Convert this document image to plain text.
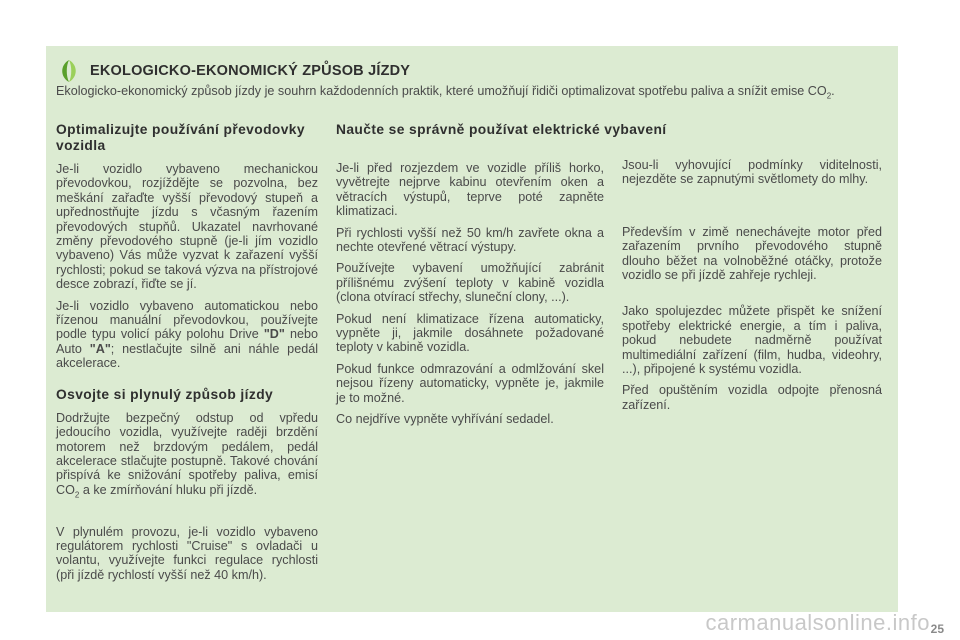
EKOLOGICKO-EKONOMICKÝ ZPŮSOB JÍZDY
Ekologicko-ekonomický způsob jízdy je souhrn každodenních praktik, které umožňují řidiči optimalizovat spotřebu paliva a snížit emise $CO_2$.
Optimalizujte používání převodovky vozidla

Je-li vozidlo vybaveno mechanickou převodovkou, rozjíždějte se pozvolna, bez meškání zařaďte vyšší převodový stupeň a upřednostňujte jízdu s včasným řazením převodových stupňů. Ukazatel navrhované změny převodového stupně (je-li jím vozidlo vybaveno) Vás může vyzvat k zařazení vyšší rychlosti; pokud se taková výzva na přístrojové desce zobrazí, řiďte se jí.

Je-li vozidlo vybaveno automatickou nebo řízenou manuální převodovkou, používejte podle typu volicí páky polohu Drive "D" nebo Auto "A"; nestlačujte silně ani náhle pedál akcelerace.

Osvojte si plynulý způsob jízdy

Dodržujte bezpečný odstup od vpředu jedoucího vozidla, využívejte raději brzdění motorem než brzdovým pedálem, pedál akcelerace stlačujte postupně. Takové chování přispívá ke snižování spotřeby paliva, emisí $CO_2$ a ke zmírňování hluku při jízdě.

V plynulém provozu, je-li vozidlo vybaveno regulátorem rychlosti "Cruise" s ovladači u volantu, využívejte funkci regulace rychlosti (při jízdě rychlostí vyšší než 40 km/h).

Naučte se správně používat elektrické vybavení

Je-li před rozjezdem ve vozidle příliš horko, vyvětrejte nejprve kabinu otevřením oken a větracích výstupů, teprve poté zapněte klimatizaci.

Při rychlosti vyšší než 50 km/h zavřete okna a nechte otevřené větrací výstupy.

Používejte vybavení umožňující zabránit přílišnému zvýšení teploty v kabině vozidla (clona otvírací střechy, sluneční clony, ...).

Pokud není klimatizace řízena automaticky, vypněte ji, jakmile dosáhnete požadované teploty v kabině vozidla.

Pokud funkce odmrazování a odmlžování skel nejsou řízeny automaticky, vypněte je, jakmile je to možné.

Co nejdříve vypněte vyhřívání sedadel.

Jsou-li vyhovující podmínky viditelnosti, nejezděte se zapnutými světlomety do mlhy.

Především v zimě nenechávejte motor před zařazením prvního převodového stupně dlouho běžet na volnoběžné otáčky, protože vozidlo se při jízdě zahřeje rychleji.

Jako spolujezdec můžete přispět ke snížení spotřeby elektrické energie, a tím i paliva, pokud nebudete nadměrně používat multimediální zařízení (film, hudba, videohry, ...), připojené k systému vozidla.

Před opuštěním vozidla odpojte přenosná zařízení.

carmanualsonline.info 25
